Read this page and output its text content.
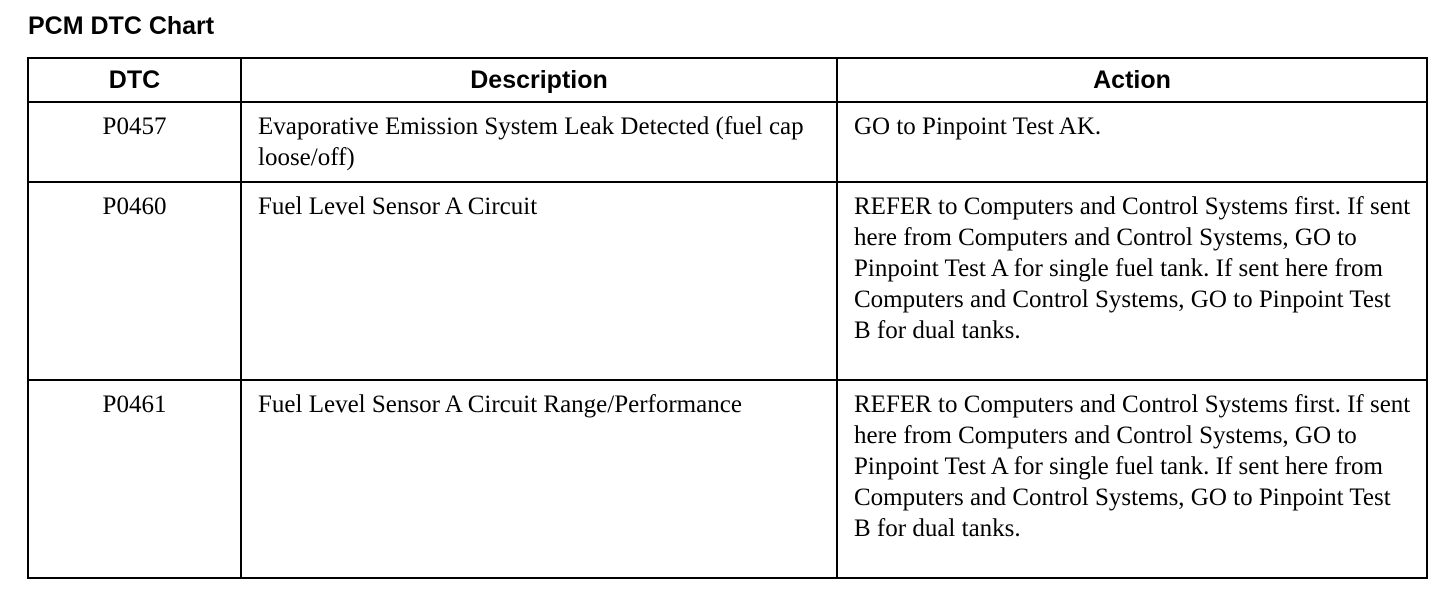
PCM DTC Chart
DTC	Description	Action
P0457	Evaporative Emission System Leak Detected (fuel cap loose/off)	GO to Pinpoint Test AK.
P0460	Fuel Level Sensor A Circuit	REFER to Computers and Control Systems first. If sent here from Computers and Control Systems, GO to Pinpoint Test A for single fuel tank. If sent here from Computers and Control Systems, GO to Pinpoint Test B for dual tanks.
P0461	Fuel Level Sensor A Circuit Range/Performance	REFER to Computers and Control Systems first. If sent here from Computers and Control Systems, GO to Pinpoint Test A for single fuel tank. If sent here from Computers and Control Systems, GO to Pinpoint Test B for dual tanks.
